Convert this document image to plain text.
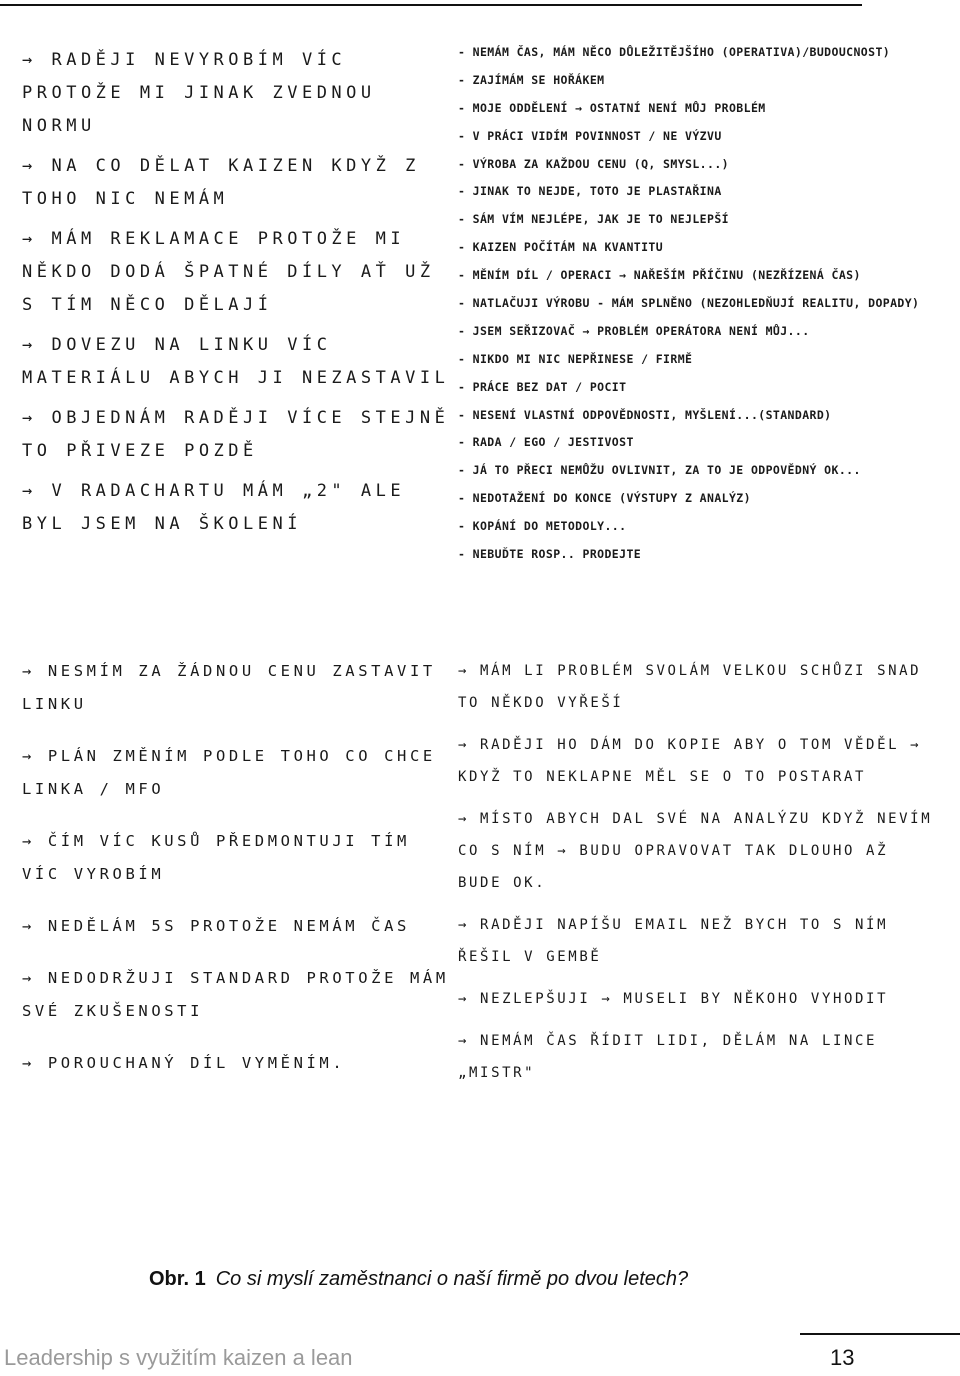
→ RADĚJI NEVYROBÍM VÍC PROTOŽE MI JINAK ZVEDNOU NORMU
→ NA CO DĚLAT KAIZEN KDYŽ Z TOHO NIC NEMÁM
→ MÁM REKLAMACE PROTOŽE MI NĚKDO DODÁ ŠPATNÉ DÍLY AŤ UŽ S TÍM NĚCO DĚLAJÍ
→ DOVEZU NA LINKU VÍC MATERIÁLU ABYCH JI NEZASTAVIL
→ OBJEDNÁM RADĚJI VÍCE STEJNĚ TO PŘIVEZE POZDĚ
→ V RADACHARTU MÁM „2" ALE BYL JSEM NA ŠKOLENÍ
- NEMÁM ČAS, MÁM NĚCO DŮLEŽITĚJŠÍHO (OPERATIVA)/BUDOUCNOST)
- ZAJÍMÁM SE HOŘÁKEM
- MOJE ODDĚLENÍ → OSTATNÍ NENÍ MŮJ PROBLÉM
- V PRÁCI VIDÍM POVINNOST / NE VÝZVU
- VÝROBA ZA KAŽDOU CENU (Q, SMYSL...)
- JINAK TO NEJDE, TOTO JE PLASTAŘINA
- SÁM VÍM NEJLÉPE, JAK JE TO NEJLEPŠÍ
- KAIZEN POČÍTÁM NA KVANTITU
- MĚNÍM DÍL / OPERACI → NAŘEŠÍM PŘÍČINU (NEZŘÍZENÁ ČAS)
- NATLAČUJI VÝROBU - MÁM SPLNĚNO (NEZOHLEDŇUJÍ REALITU, DOPADY)
- JSEM SEŘIZOVAČ → PROBLÉM OPERÁTORA NENÍ MŮJ...
- NIKDO MI NIC NEPŘINESE / FIRMĚ
- PRÁCE BEZ DAT / POCIT
- NESENÍ VLASTNÍ ODPOVĚDNOSTI, MYŠLENÍ...(STANDARD)
- RADA / EGO / JESTIVOST
- JÁ TO PŘECI NEMŮŽU OVLIVNIT, ZA TO JE ODPOVĚDNÝ OK...
- NEDOTAŽENÍ DO KONCE (VÝSTUPY Z ANALÝZ)
- KOPÁNÍ DO METODOLY...
- NEBUĎTE ROSP.. PRODEJTE
→ NESMÍM ZA ŽÁDNOU CENU ZASTAVIT LINKU
→ PLÁN ZMĚNÍM PODLE TOHO CO CHCE LINKA / MFO
→ ČÍM VÍC KUSŮ PŘEDMONTUJI TÍM VÍC VYROBÍM
→ NEDĚLÁM 5S PROTOŽE NEMÁM ČAS
→ NEDODRŽUJI STANDARD PROTOŽE MÁM SVÉ ZKUŠENOSTI
→ POROUCHANÝ DÍL VYMĚNÍM.
→ MÁM LI PROBLÉM SVOLÁM VELKOU SCHŮZI SNAD TO NĚKDO VYŘEŠÍ
→ RADĚJI HO DÁM DO KOPIE ABY O TOM VĚDĚL → KDYŽ TO NEKLAPNE MĚL SE O TO POSTARAT
→ MÍSTO ABYCH DAL SVÉ NA ANALÝZU KDYŽ NEVÍM CO S NÍM → BUDU OPRAVOVAT TAK DLOUHO AŽ BUDE OK.
→ RADĚJI NAPÍŠU EMAIL NEŽ BYCH TO S NÍM ŘEŠIL V GEMBĚ
→ NEZLEPŠUJI → MUSELI BY NĚKOHO VYHODIT
→ NEMÁM ČAS ŘÍDIT LIDI, DĚLÁM NA LINCE „MISTR"
Obr. 1 Co si myslí zaměstnanci o naší firmě po dvou letech?
Leadership s využitím kaizen a lean	13
